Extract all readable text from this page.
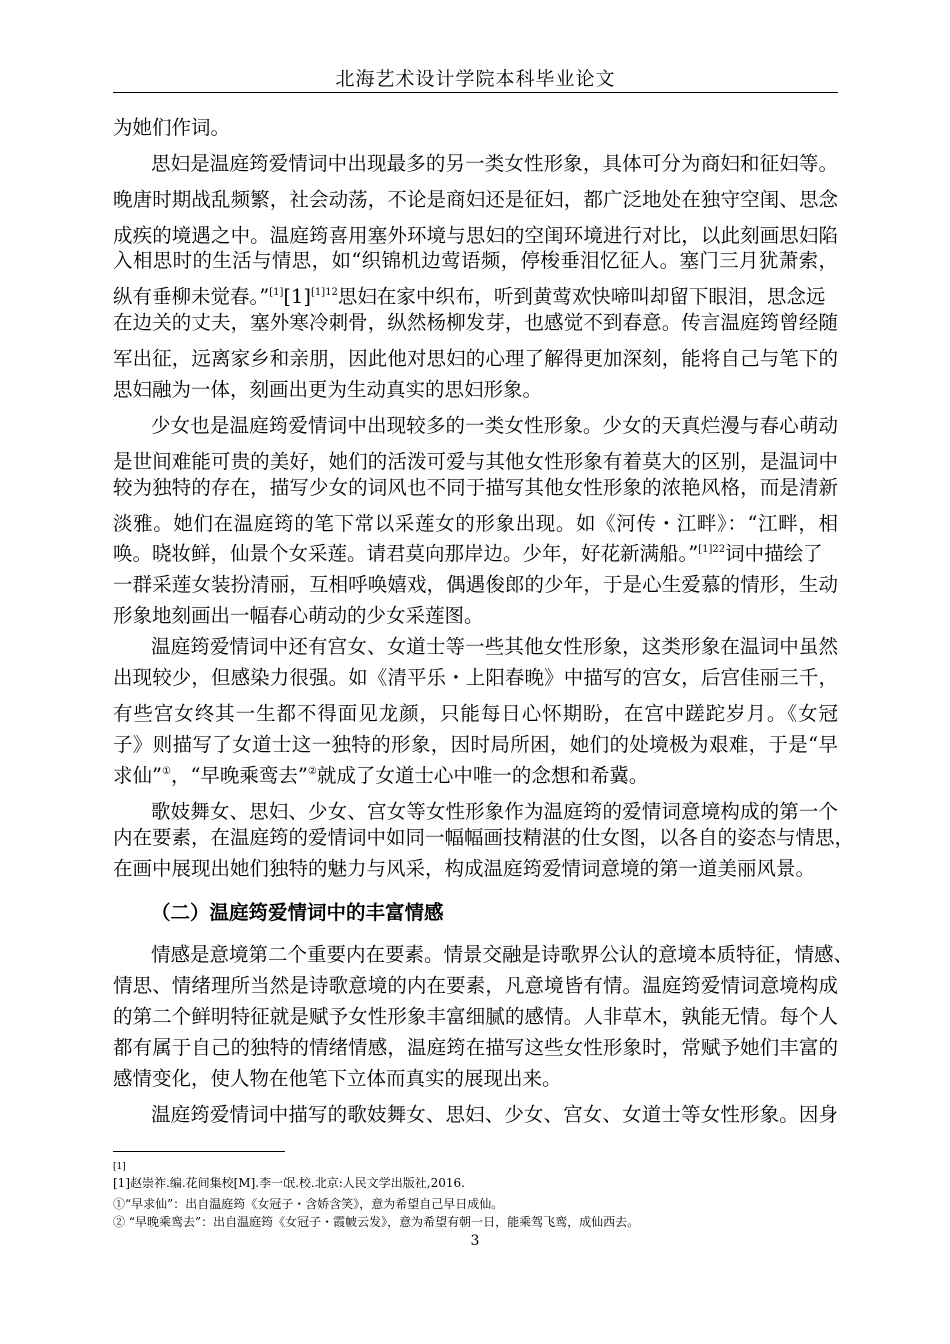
北海艺术设计学院本科毕业论文
为她们作词。
思妇是温庭筠爱情词中出现最多的另一类女性形象，具体可分为商妇和征妇等。
晚唐时期战乱频繁，社会动荡，不论是商妇还是征妇，都广泛地处在独守空闺、思念
成疾的境遇之中。温庭筠喜用塞外环境与思妇的空闺环境进行对比，以此刻画思妇陷
入相思时的生活与情思，如“织锦机边莺语频，停梭垂泪忆征人。塞门三月犹萧索，
纵有垂柳未觉春。$”[1][1]^{[1]12}$思妇在家中织布，听到黄莺欢快啼叫却留下眼泪，思念远
在边关的丈夫，塞外寒冷刺骨，纵然杨柳发芽，也感觉不到春意。传言温庭筠曾经随
军出征，远离家乡和亲朋，因此他对思妇的心理了解得更加深刻，能将自己与笔下的
思妇融为一体，刻画出更为生动真实的思妇形象。
少女也是温庭筠爱情词中出现较多的一类女性形象。少女的天真烂漫与春心萌动
是世间难能可贵的美好，她们的活泼可爱与其他女性形象有着莫大的区别，是温词中
较为独特的存在，描写少女的词风也不同于描写其他女性形象的浓艳风格，而是清新
淡雅。她们在温庭筠的笔下常以采莲女的形象出现。如《河传・江畔》：“江畔，相
唤。晓妆鲜，仙景个女采莲。请君莫向那岸边。少年，好花新满船。”$^{[1]22}$词中描绘了
一群采莲女装扮清丽，互相呼唤嬉戏，偶遇俊郎的少年，于是心生爱慕的情形，生动
形象地刻画出一幅春心萌动的少女采莲图。
温庭筠爱情词中还有宫女、女道士等一些其他女性形象，这类形象在温词中虽然
出现较少，但感染力很强。如《清平乐・上阳春晚》中描写的宫女，后宫佳丽三千，
有些宫女终其一生都不得面见龙颜，只能每日心怀期盼，在宫中蹉跎岁月。《女冠
子》则描写了女道士这一独特的形象，因时局所困，她们的处境极为艰难，于是“早
求仙”①，“早晚乘鸾去”②就成了女道士心中唯一的念想和希冀。
歌妓舞女、思妇、少女、宫女等女性形象作为温庭筠的爱情词意境构成的第一个
内在要素，在温庭筠的爱情词中如同一幅幅画技精湛的仕女图，以各自的姿态与情思，
在画中展现出她们独特的魅力与风采，构成温庭筠爱情词意境的第一道美丽风景。
（二）温庭筠爱情词中的丰富情感
情感是意境第二个重要内在要素。情景交融是诗歌界公认的意境本质特征，情感、
情思、情绪理所当然是诗歌意境的内在要素，凡意境皆有情。温庭筠爱情词意境构成
的第二个鲜明特征就是赋予女性形象丰富细腻的感情。人非草木，孰能无情。每个人
都有属于自己的独特的情绪情感，温庭筠在描写这些女性形象时，常赋予她们丰富的
感情变化，使人物在他笔下立体而真实的展现出来。
温庭筠爱情词中描写的歌妓舞女、思妇、少女、宫女、女道士等女性形象。因身
[1]
[1]赵崇祚.编.花间集校[M].李一氓.校.北京:人民文学出版社,2016.
①“早求仙”：出自温庭筠《女冠子・含娇含笑》，意为希望自己早日成仙。
② “早晚乘鸾去”：出自温庭筠《女冠子・霞帔云发》，意为希望有朝一日，能乘驾飞鸾，成仙西去。
3
